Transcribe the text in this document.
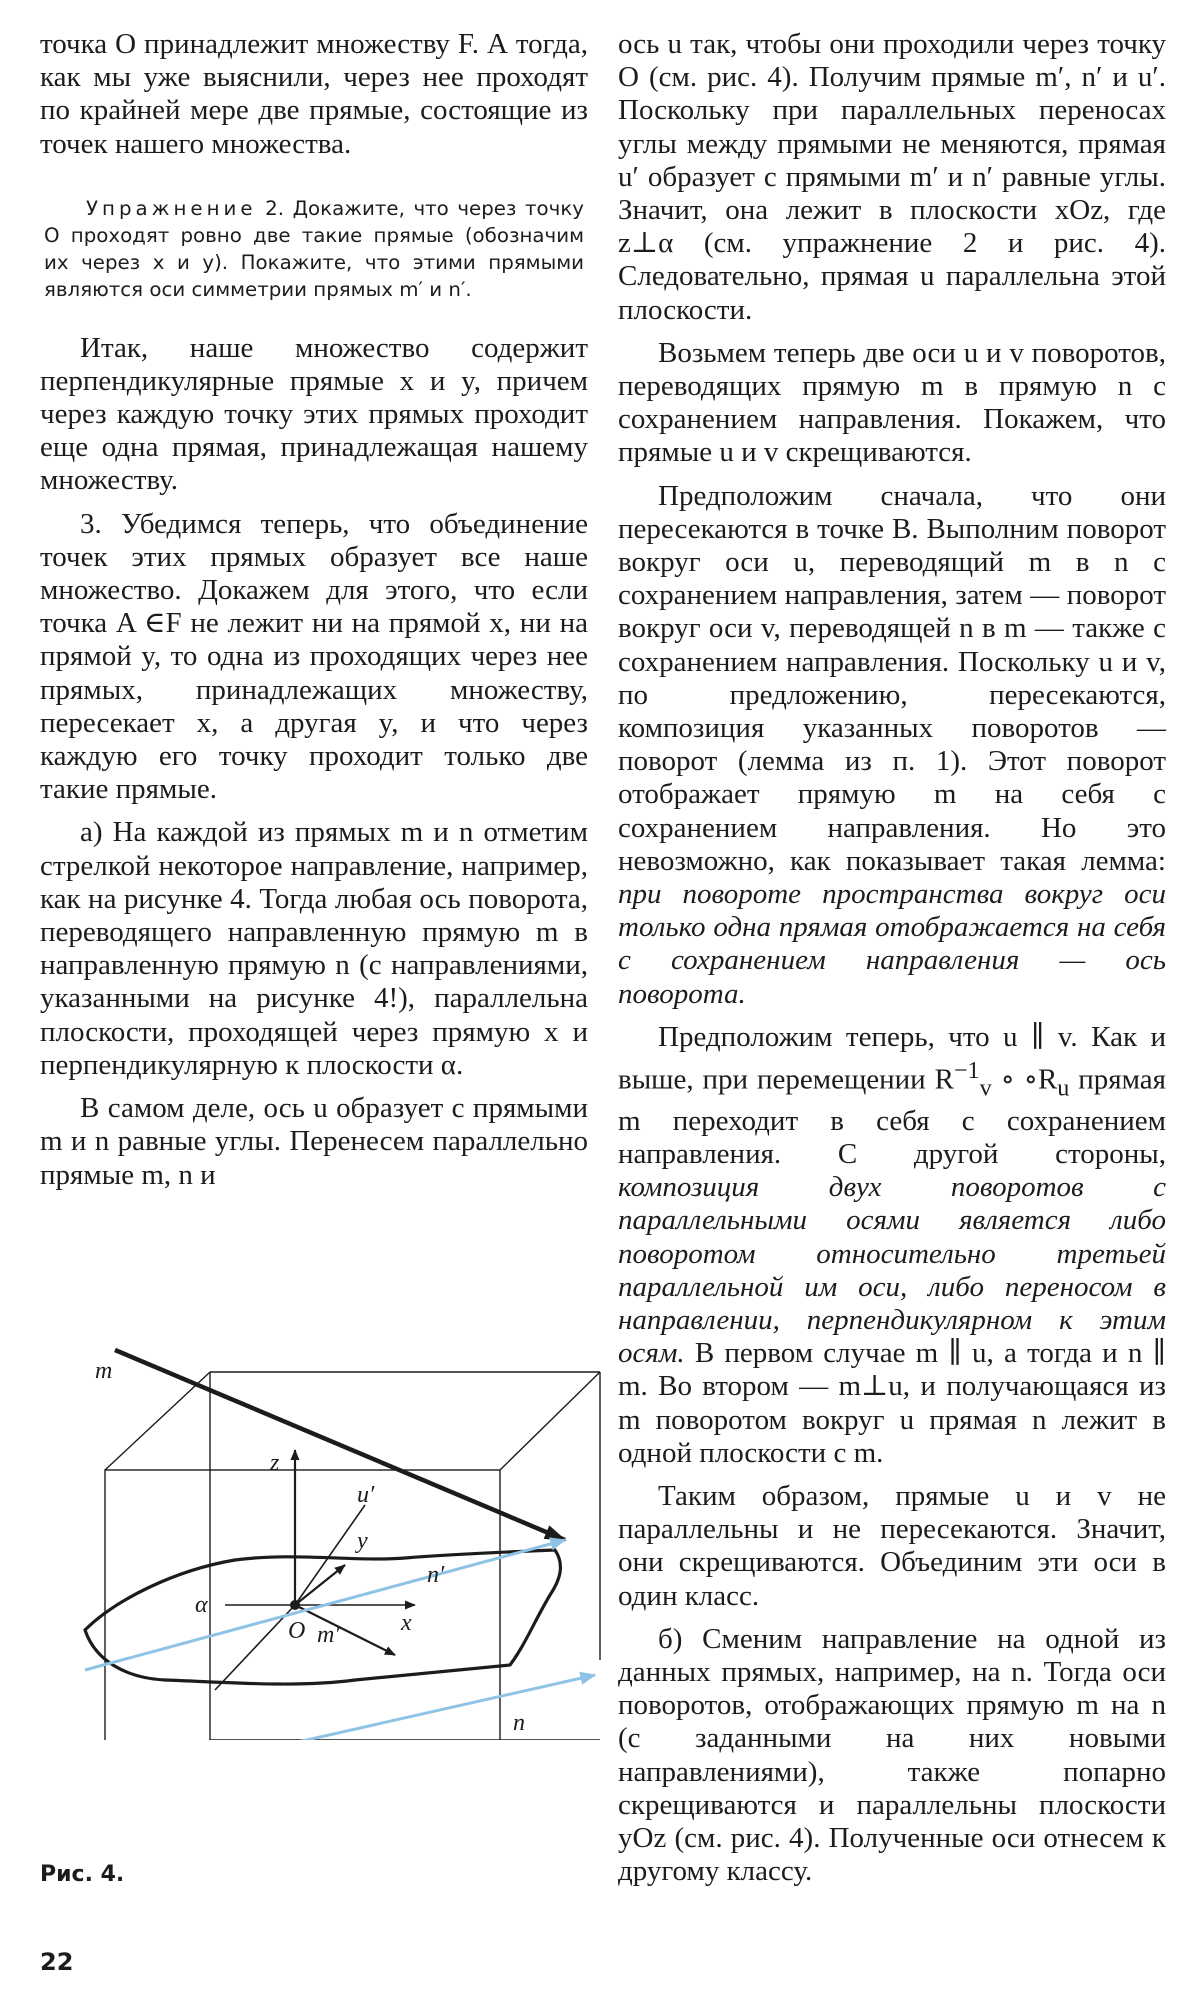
точка O принадлежит множеству F. А тогда, как мы уже выяснили, через нее проходят по крайней мере две прямые, состоящие из точек нашего множества.

Упражнение 2. Докажите, что через точку O проходят ровно две такие прямые (обозначим их через x и y). Покажите, что этими прямыми являются оси симметрии прямых m′ и n′.

Итак, наше множество содержит перпендикулярные прямые x и y, причем через каждую точку этих прямых проходит еще одна прямая, принадлежащая нашему множеству.

3. Убедимся теперь, что объединение точек этих прямых образует все наше множество. Докажем для этого, что если точка A ∈F не лежит ни на прямой x, ни на прямой y, то одна из проходящих через нее прямых, принадлежащих множеству, пересекает x, а другая y, и что через каждую его точку проходит только две такие прямые.

а) На каждой из прямых m и n отметим стрелкой некоторое направление, например, как на рисунке 4. Тогда любая ось поворота, переводящего направленную прямую m в направленную прямую n (с направлениями, указанными на рисунке 4!), параллельна плоскости, проходящей через прямую x и перпендикулярную к плоскости α.

В самом деле, ось u образует с прямыми m и n равные углы. Перенесем параллельно прямые m, n и

ось u так, чтобы они проходили через точку O (см. рис. 4). Получим прямые m′, n′ и u′. Поскольку при параллельных переносах углы между прямыми не меняются, прямая u′ образует с прямыми m′ и n′ равные углы. Значит, она лежит в плоскости xOz, где z⊥α (см. упражнение 2 и рис. 4). Следовательно, прямая u параллельна этой плоскости.

Возьмем теперь две оси u и v поворотов, переводящих прямую m в прямую n с сохранением направления. Покажем, что прямые u и v скрещиваются.

Предположим сначала, что они пересекаются в точке B. Выполним поворот вокруг оси u, переводящий m в n с сохранением направления, затем — поворот вокруг оси v, переводящей n в m — также с сохранением направления. Поскольку u и v, по предложению, пересекаются, композиция указанных поворотов — поворот (лемма из п. 1). Этот поворот отображает прямую m на себя с сохранением направления. Но это невозможно, как показывает такая лемма: при повороте пространства вокруг оси только одна прямая отображается на себя с сохранением направления — ось поворота.

Предположим теперь, что u ∥ v. Как и выше, при перемещении $R^{-1}_v$ ∘ $\circ R_u$ прямая m переходит в себя с сохранением направления. С другой стороны, композиция двух поворотов с параллельными осями является либо поворотом относительно третьей параллельной им оси, либо переносом в направлении, перпендикулярном к этим осям. В первом случае m ∥ u, а тогда и n ∥ m. Во втором — m⊥u, и получающаяся из m поворотом вокруг u прямая n лежит в одной плоскости с m.

Таким образом, прямые u и v не параллельны и не пересекаются. Значит, они скрещиваются. Объединим эти оси в один класс.

б) Сменим направление на одной из данных прямых, например, на n. Тогда оси поворотов, отображающих прямую m на n (с заданными на них новыми направлениями), также попарно скрещиваются и параллельны плоскости yOz (см. рис. 4). Полученные оси отнесем к другому классу.

m
z
u′
y
α
n′
x
O m′
n
Рис. 4.
22
